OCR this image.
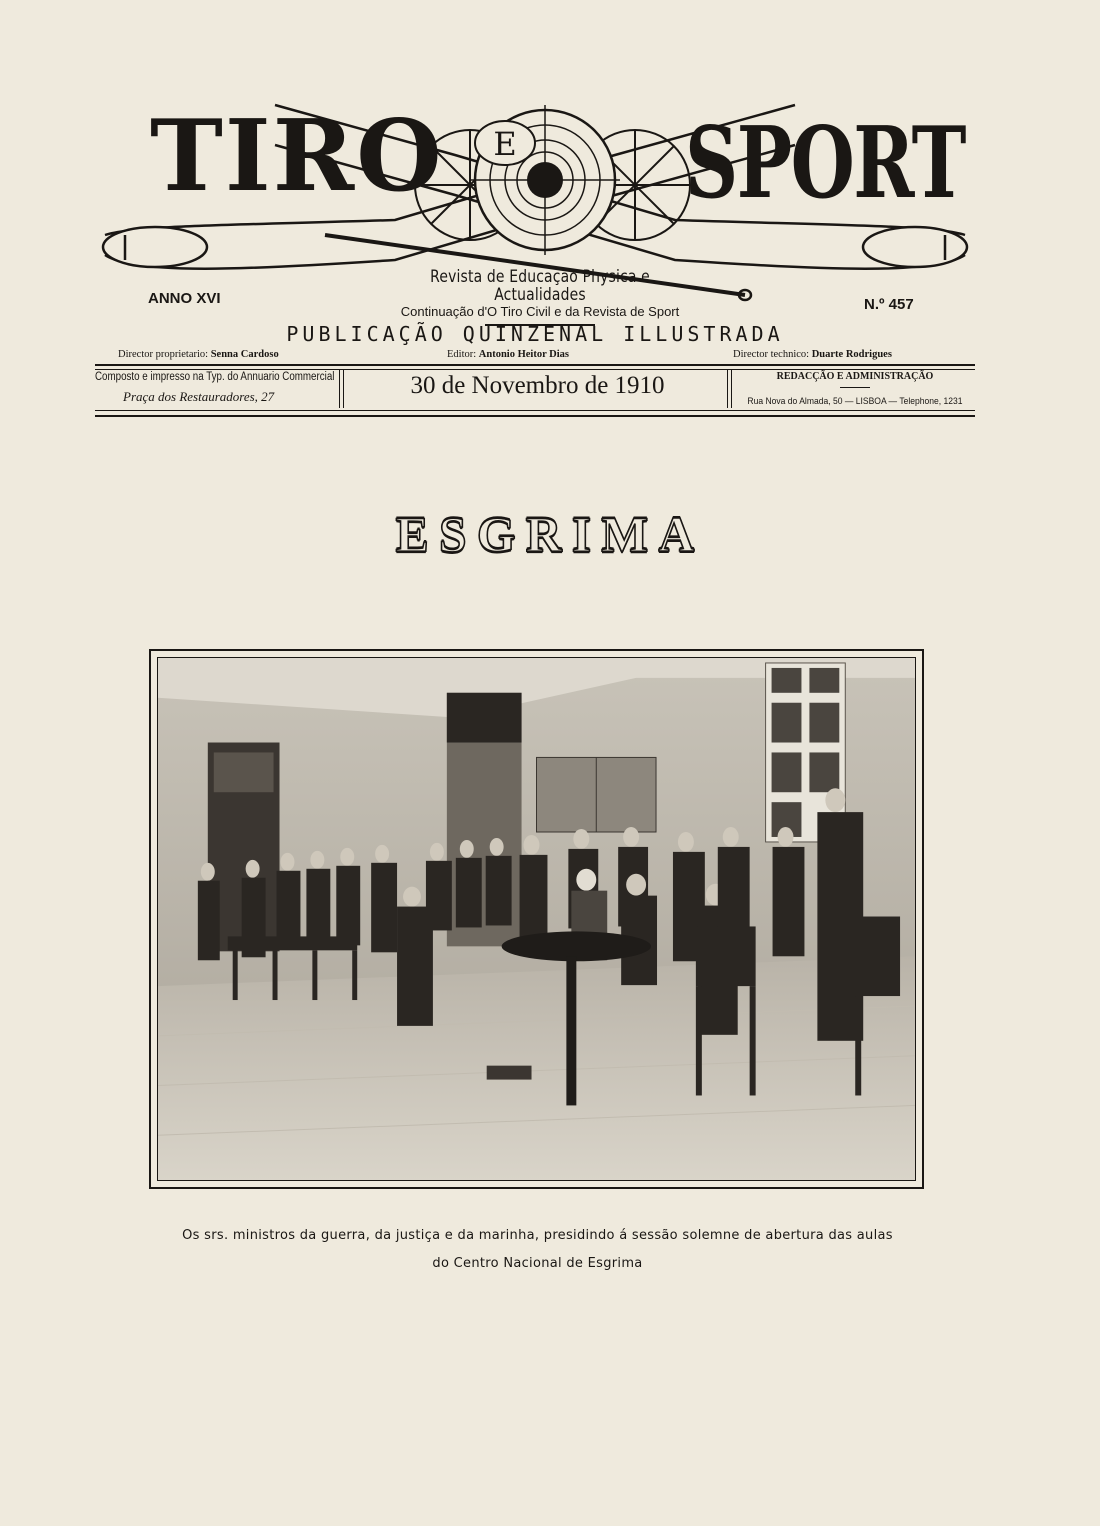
E
TIRO SPORT
Revista de Educação Physica e Actualidades
Continuação d'O Tiro Civil e da Revista de Sport
ANNO XVI	N.º 457
PUBLICAÇÃO QUINZENAL ILLUSTRADA
Director proprietario: Senna Cardoso	Editor: Antonio Heitor Dias	Director technico: Duarte Rodrigues
Composto e impresso na Typ. do Annuario Commercial
Praça dos Restauradores, 27	30 de Novembro de 1910	REDACÇÃO E ADMINISTRAÇÃO
Rua Nova do Almada, 50 — LISBOA — Telephone, 1231
ESGRIMA
Os srs. ministros da guerra, da justiça e da marinha, presidindo á sessão solemne de abertura das aulas
do Centro Nacional de Esgrima
